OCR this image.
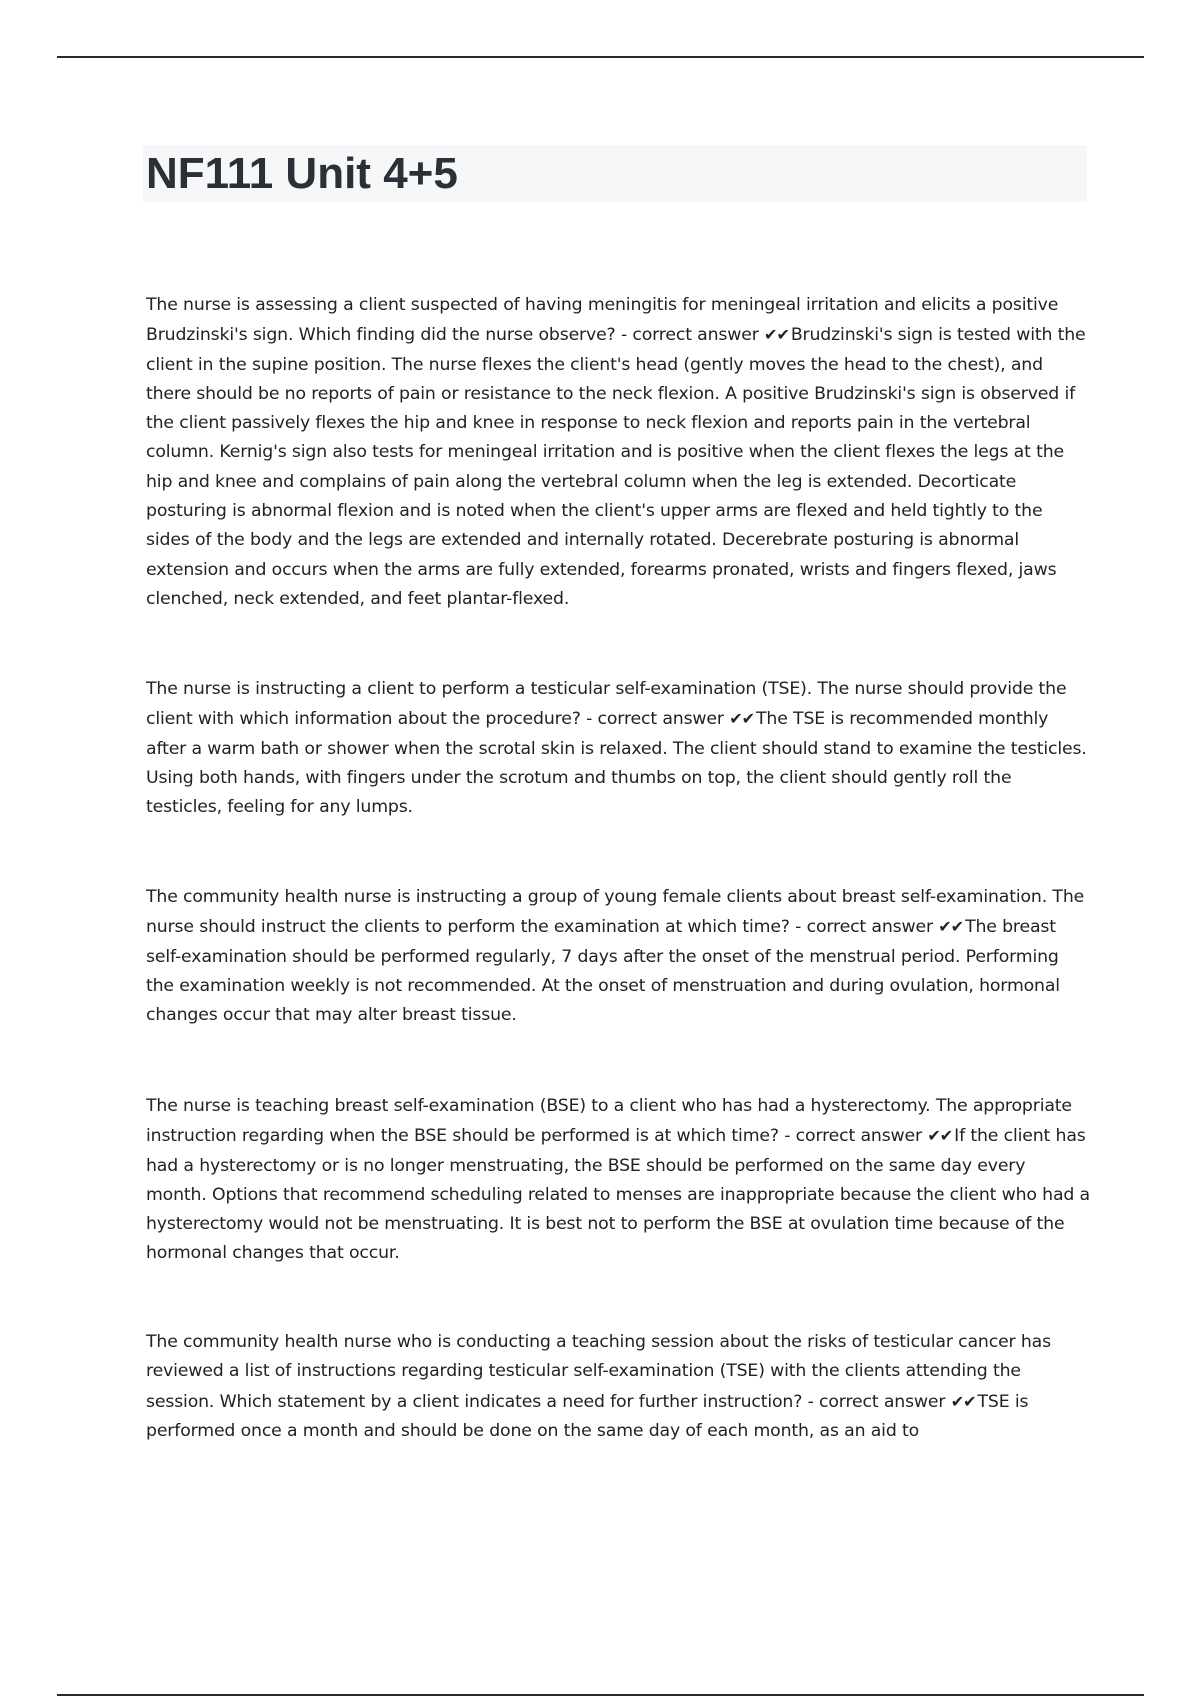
NF111 Unit 4+5

The nurse is assessing a client suspected of having meningitis for meningeal irritation and elicits a positive Brudzinski's sign. Which finding did the nurse observe? - correct answer ✔✔ Brudzinski's sign is tested with the client in the supine position. The nurse flexes the client's head (gently moves the head to the chest), and there should be no reports of pain or resistance to the neck flexion. A positive Brudzinski's sign is observed if the client passively flexes the hip and knee in response to neck flexion and reports pain in the vertebral column. Kernig's sign also tests for meningeal irritation and is positive when the client flexes the legs at the hip and knee and complains of pain along the vertebral column when the leg is extended. Decorticate posturing is abnormal flexion and is noted when the client's upper arms are flexed and held tightly to the sides of the body and the legs are extended and internally rotated. Decerebrate posturing is abnormal extension and occurs when the arms are fully extended, forearms pronated, wrists and fingers flexed, jaws clenched, neck extended, and feet plantar-flexed.

The nurse is instructing a client to perform a testicular self-examination (TSE). The nurse should provide the client with which information about the procedure? - correct answer ✔✔ The TSE is recommended monthly after a warm bath or shower when the scrotal skin is relaxed. The client should stand to examine the testicles. Using both hands, with fingers under the scrotum and thumbs on top, the client should gently roll the testicles, feeling for any lumps.

The community health nurse is instructing a group of young female clients about breast self-examination. The nurse should instruct the clients to perform the examination at which time? - correct answer ✔✔ The breast self-examination should be performed regularly, 7 days after the onset of the menstrual period. Performing the examination weekly is not recommended. At the onset of menstruation and during ovulation, hormonal changes occur that may alter breast tissue.

The nurse is teaching breast self-examination (BSE) to a client who has had a hysterectomy. The appropriate instruction regarding when the BSE should be performed is at which time? - correct answer ✔✔ If the client has had a hysterectomy or is no longer menstruating, the BSE should be performed on the same day every month. Options that recommend scheduling related to menses are inappropriate because the client who had a hysterectomy would not be menstruating. It is best not to perform the BSE at ovulation time because of the hormonal changes that occur.

The community health nurse who is conducting a teaching session about the risks of testicular cancer has reviewed a list of instructions regarding testicular self-examination (TSE) with the clients attending the session. Which statement by a client indicates a need for further instruction? - correct answer ✔✔ TSE is performed once a month and should be done on the same day of each month, as an aid to
